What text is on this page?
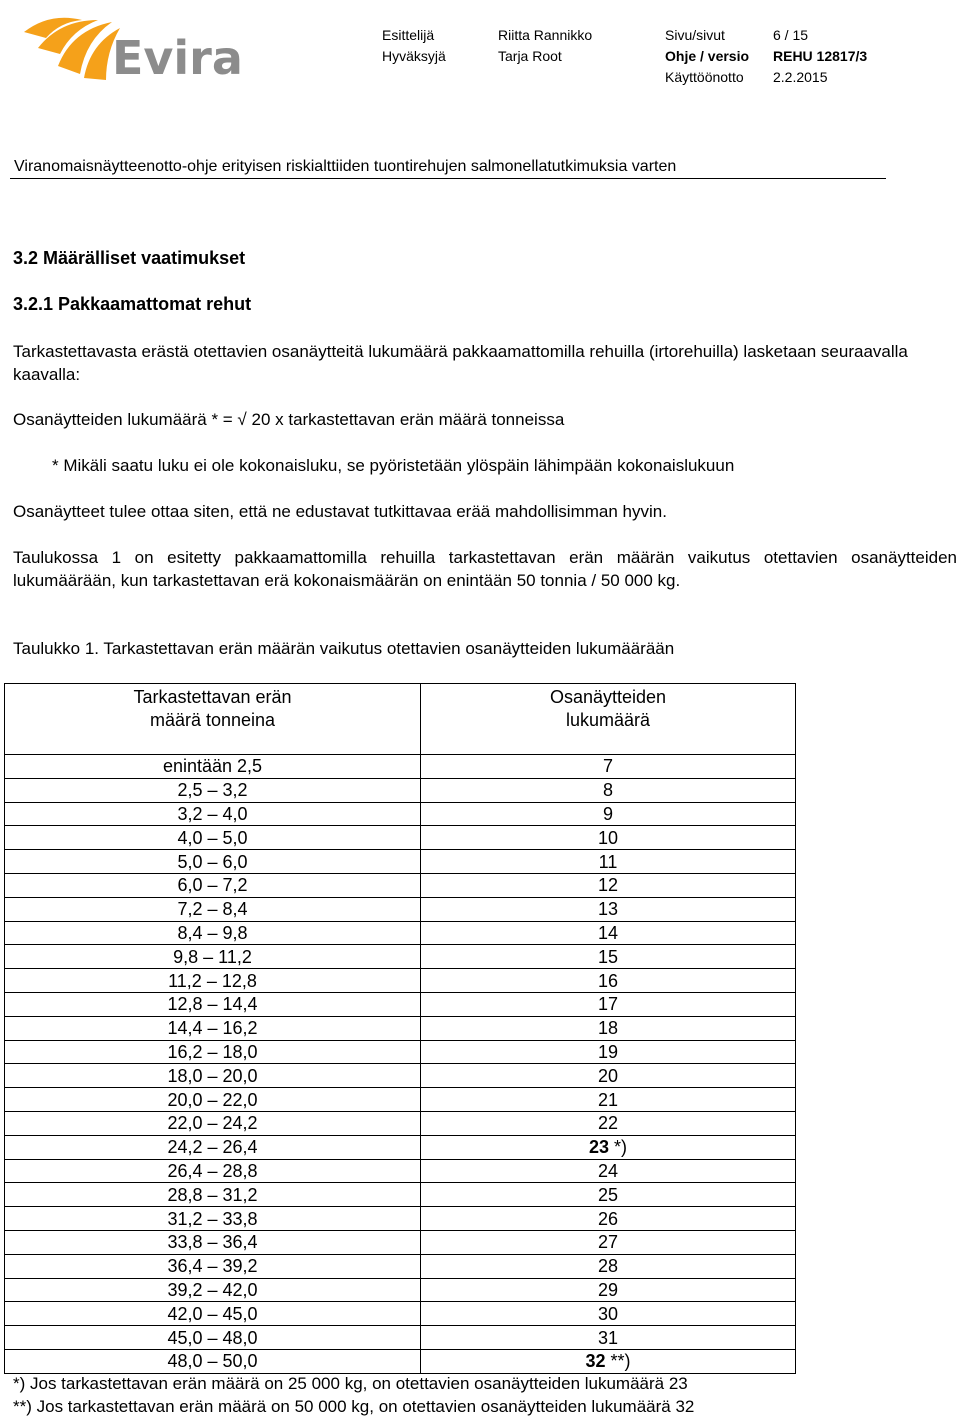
Evira	Esittelijä
Hyväksyjä
Riitta Rannikko
Tarja Root
Sivu/sivut
Ohje / versio
Käyttöönotto
6 / 15
REHU 12817/3
2.2.2015
Viranomaisnäytteenotto-ohje erityisen riskialttiiden tuontirehujen salmonellatutkimuksia varten
3.2 Määrälliset vaatimukset
3.2.1 Pakkaamattomat rehut
Tarkastettavasta erästä otettavien osanäytteitä lukumäärä pakkaamattomilla rehuilla (irtorehuilla) lasketaan seuraavalla kaavalla:
Osanäytteiden lukumäärä * = √ 20 x tarkastettavan erän määrä tonneissa
* Mikäli saatu luku ei ole kokonaisluku, se pyöristetään ylöspäin lähimpään kokonaislukuun
Osanäytteet tulee ottaa siten, että ne edustavat tutkittavaa erää mahdollisimman hyvin.
Taulukossa 1 on esitetty pakkaamattomilla rehuilla tarkastettavan erän määrän vaikutus otettavien osanäytteiden lukumäärään, kun tarkastettavan erä kokonaismäärän on enintään 50 tonnia / 50 000 kg.
Taulukko 1. Tarkastettavan erän määrän vaikutus otettavien osanäytteiden lukumäärään
Tarkastettavan erän
määrä tonneina	Osanäytteiden
lukumäärä
enintään 2,5	7
2,5 – 3,2	8
3,2 – 4,0	9
4,0 – 5,0	10
5,0 – 6,0	11
6,0 – 7,2	12
7,2 – 8,4	13
8,4 – 9,8	14
9,8 – 11,2	15
11,2 – 12,8	16
12,8 – 14,4	17
14,4 – 16,2	18
16,2 – 18,0	19
18,0 – 20,0	20
20,0 – 22,0	21
22,0 – 24,2	22
24,2 – 26,4	23 *)
26,4 – 28,8	24
28,8 – 31,2	25
31,2 – 33,8	26
33,8 – 36,4	27
36,4 – 39,2	28
39,2 – 42,0	29
42,0 – 45,0	30
45,0 – 48,0	31
48,0 – 50,0	32 **)
*) Jos tarkastettavan erän määrä on 25 000 kg, on otettavien osanäytteiden lukumäärä 23
**) Jos tarkastettavan erän määrä on 50 000 kg, on otettavien osanäytteiden lukumäärä 32
